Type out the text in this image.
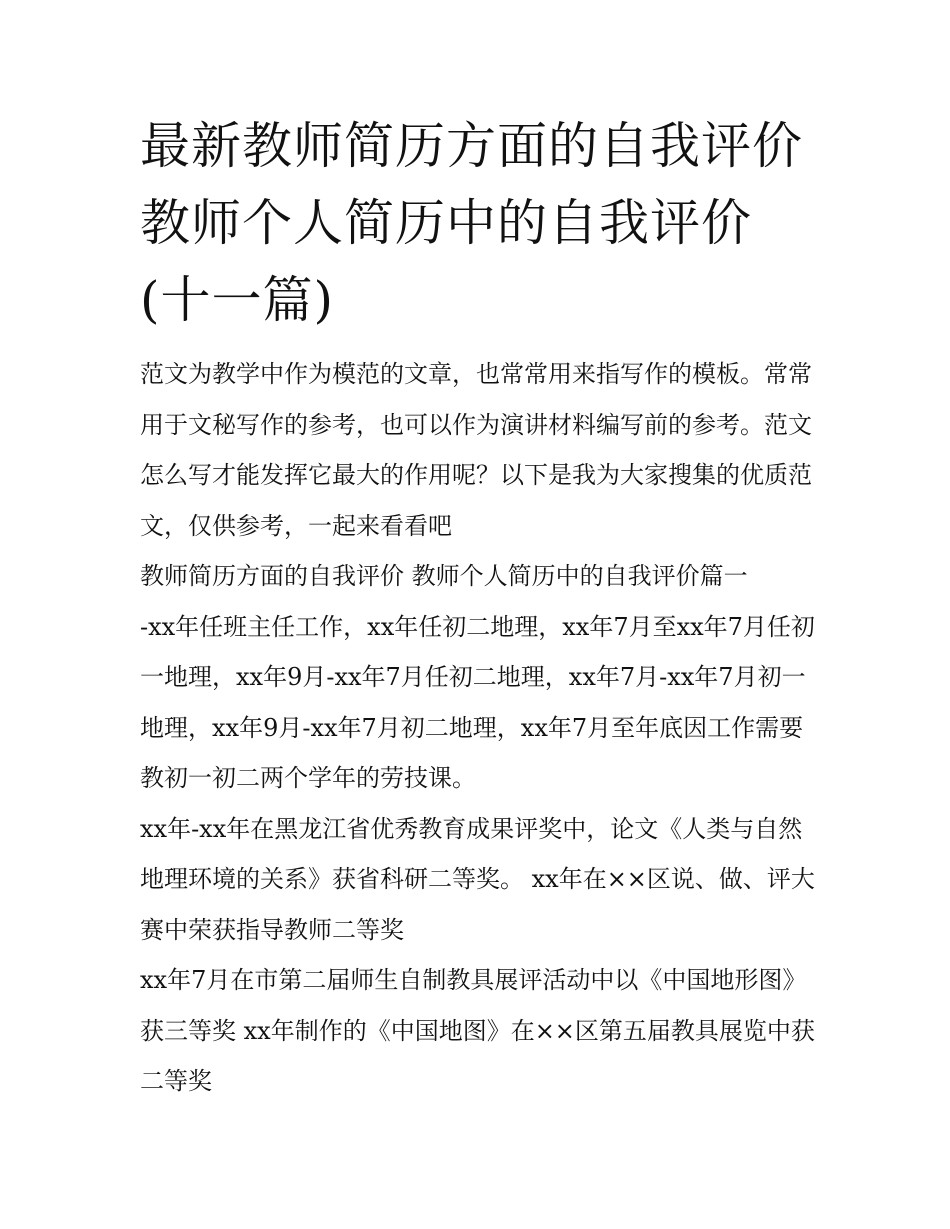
最新教师简历方面的自我评价 教师个人简历中的自我评价(十一篇)

范文为教学中作为模范的文章，也常常用来指写作的模板。常常用于文秘写作的参考，也可以作为演讲材料编写前的参考。范文怎么写才能发挥它最大的作用呢？以下是我为大家搜集的优质范文，仅供参考，一起来看看吧

教师简历方面的自我评价 教师个人简历中的自我评价篇一

-xx年任班主任工作，xx年任初二地理，xx年7月至xx年7月任初一地理，xx年9月-xx年7月任初二地理，xx年7月-xx年7月初一地理，xx年9月-xx年7月初二地理，xx年7月至年底因工作需要教初一初二两个学年的劳技课。

xx年-xx年在黑龙江省优秀教育成果评奖中，论文《人类与自然地理环境的关系》获省科研二等奖。 xx年在××区说、做、评大赛中荣获指导教师二等奖

xx年7月在市第二届师生自制教具展评活动中以《中国地形图》获三等奖 xx年制作的《中国地图》在××区第五届教具展览中获二等奖
